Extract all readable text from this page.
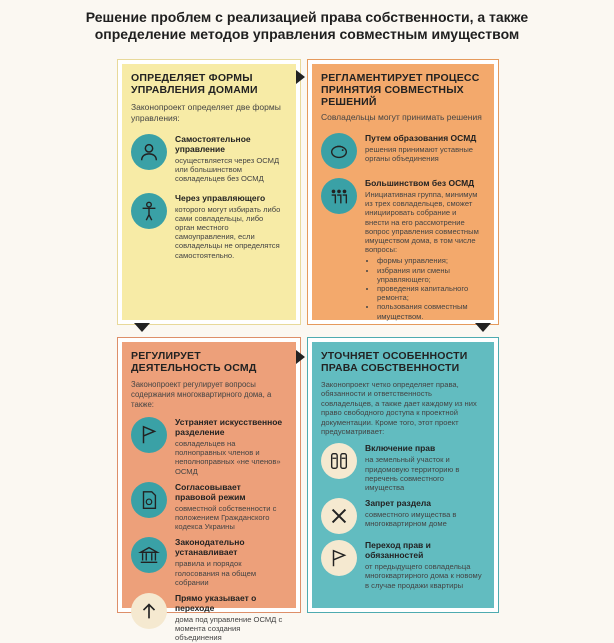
Решение проблем с реализацией права собственности, а также
определение методов управления совместным имуществом
ОПРЕДЕЛЯЕТ ФОРМЫ УПРАВЛЕНИЯ ДОМАМИ
Законопроект определяет две формы управления:
Самостоятельное управление
осуществляется через ОСМД или большинством совладельцев без ОСМД
Через управляющего
которого могут избирать либо сами совладельцы, либо орган местного самоуправления, если совладельцы не определятся самостоятельно.
РЕГЛАМЕНТИРУЕТ ПРОЦЕСС ПРИНЯТИЯ СОВМЕСТНЫХ РЕШЕНИЙ
Совладельцы могут принимать решения
Путем образования ОСМД
решения принимают уставные органы объединения
Большинством без ОСМД
Инициативная группа, минимум из трех совладельцев, сможет инициировать собрание и внести на его рассмотрение вопрос управления совместным имуществом дома, в том числе вопросы:
• формы управления;
• избрания или смены управляющего;
• проведения капитального ремонта;
• пользования совместным имуществом.
РЕГУЛИРУЕТ ДЕЯТЕЛЬНОСТЬ ОСМД
Законопроект регулирует вопросы содержания многоквартирного дома, а также:
Устраняет искусственное разделение
совладельцев на полноправных членов и неполноправных «не членов» ОСМД
Согласовывает правовой режим
совместной собственности с положением Гражданского кодекса Украины
Законодательно устанавливает
правила и порядок голосования на общем собрании
Прямо указывает о переходе
дома под управление ОСМД с момента создания объединения
УТОЧНЯЕТ ОСОБЕННОСТИ ПРАВА СОБСТВЕННОСТИ
Законопроект четко определяет права, обязанности и ответственность совладельцев, а также дает каждому из них право свободного доступа к проектной документации. Кроме того, этот проект предусматривает:
Включение прав
на земельный участок и придомовую территорию в перечень совместного имущества
Запрет раздела
совместного имущества в многоквартирном доме
Переход прав и обязанностей
от предыдущего совладельца многоквартирного дома к новому в случае продажи квартиры
